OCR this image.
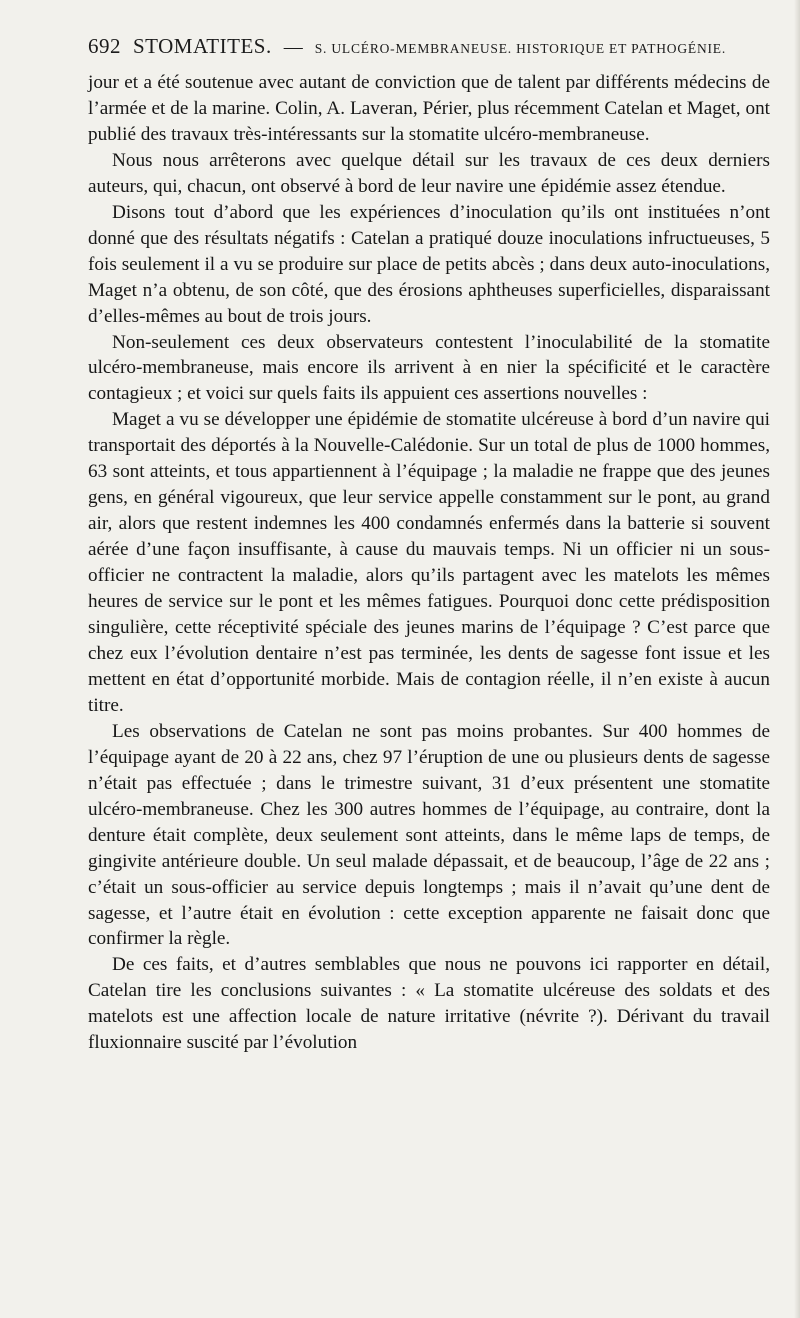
692 STOMATITES. — S. ULCÉRO-MEMBRANEUSE. HISTORIQUE ET PATHOGÉNIE.

jour et a été soutenue avec autant de conviction que de talent par différents médecins de l’armée et de la marine. Colin, A. Laveran, Périer, plus récemment Catelan et Maget, ont publié des travaux très-intéressants sur la stomatite ulcéro-membraneuse.

Nous nous arrêterons avec quelque détail sur les travaux de ces deux derniers auteurs, qui, chacun, ont observé à bord de leur navire une épidémie assez étendue.

Disons tout d’abord que les expériences d’inoculation qu’ils ont instituées n’ont donné que des résultats négatifs : Catelan a pratiqué douze inoculations infructueuses, 5 fois seulement il a vu se produire sur place de petits abcès ; dans deux auto-inoculations, Maget n’a obtenu, de son côté, que des érosions aphtheuses superficielles, disparaissant d’elles-mêmes au bout de trois jours.

Non-seulement ces deux observateurs contestent l’inoculabilité de la stomatite ulcéro-membraneuse, mais encore ils arrivent à en nier la spécificité et le caractère contagieux ; et voici sur quels faits ils appuient ces assertions nouvelles :

Maget a vu se développer une épidémie de stomatite ulcéreuse à bord d’un navire qui transportait des déportés à la Nouvelle-Calédonie. Sur un total de plus de 1000 hommes, 63 sont atteints, et tous appartiennent à l’équipage ; la maladie ne frappe que des jeunes gens, en général vigoureux, que leur service appelle constamment sur le pont, au grand air, alors que restent indemnes les 400 condamnés enfermés dans la batterie si souvent aérée d’une façon insuffisante, à cause du mauvais temps. Ni un officier ni un sous-officier ne contractent la maladie, alors qu’ils partagent avec les matelots les mêmes heures de service sur le pont et les mêmes fatigues. Pourquoi donc cette prédisposition singulière, cette réceptivité spéciale des jeunes marins de l’équipage ? C’est parce que chez eux l’évolution dentaire n’est pas terminée, les dents de sagesse font issue et les mettent en état d’opportunité morbide. Mais de contagion réelle, il n’en existe à aucun titre.

Les observations de Catelan ne sont pas moins probantes. Sur 400 hommes de l’équipage ayant de 20 à 22 ans, chez 97 l’éruption de une ou plusieurs dents de sagesse n’était pas effectuée ; dans le trimestre suivant, 31 d’eux présentent une stomatite ulcéro-membraneuse. Chez les 300 autres hommes de l’équipage, au contraire, dont la denture était complète, deux seulement sont atteints, dans le même laps de temps, de gingivite antérieure double. Un seul malade dépassait, et de beaucoup, l’âge de 22 ans ; c’était un sous-officier au service depuis longtemps ; mais il n’avait qu’une dent de sagesse, et l’autre était en évolution : cette exception apparente ne faisait donc que confirmer la règle.

De ces faits, et d’autres semblables que nous ne pouvons ici rapporter en détail, Catelan tire les conclusions suivantes : « La stomatite ulcéreuse des soldats et des matelots est une affection locale de nature irritative (névrite ?). Dérivant du travail fluxionnaire suscité par l’évolution
